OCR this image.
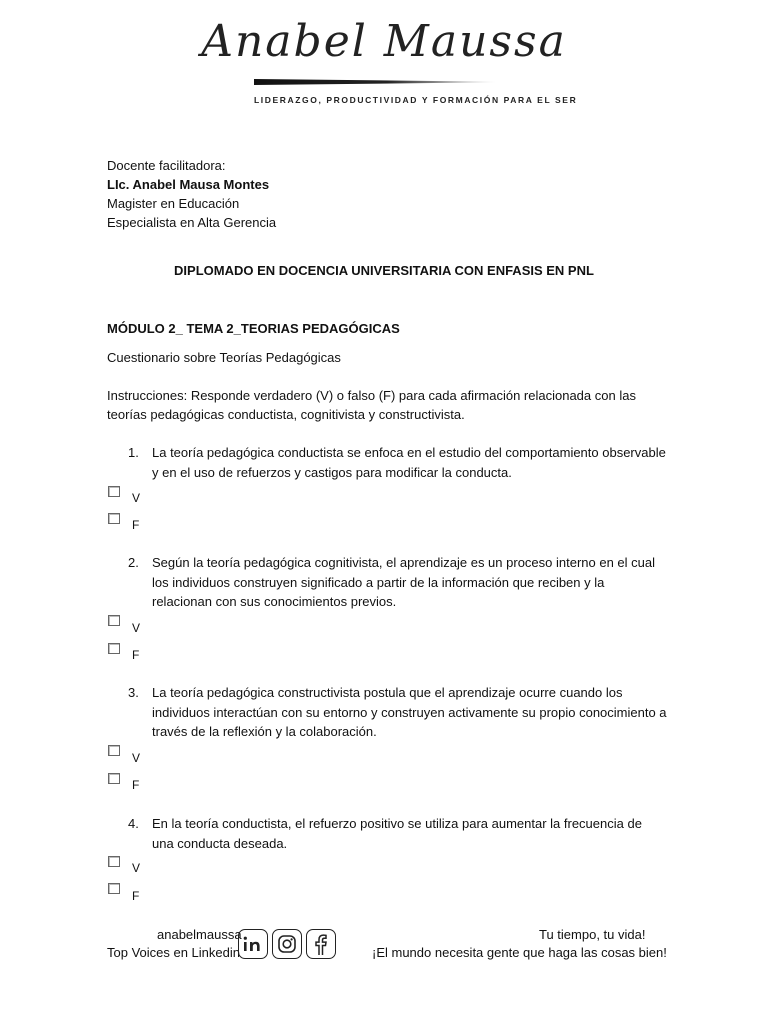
Anabel Maussa
LIDERAZGO, PRODUCTIVIDAD Y FORMACIÓN PARA EL SER
Docente facilitadora:
LIc. Anabel Mausa Montes
Magister en Educación
Especialista en Alta Gerencia
DIPLOMADO EN DOCENCIA UNIVERSITARIA CON ENFASIS EN PNL
MÓDULO 2_ TEMA 2_TEORIAS PEDAGÓGICAS
Cuestionario sobre Teorías Pedagógicas
Instrucciones: Responde verdadero (V) o falso (F) para cada afirmación relacionada con las teorías pedagógicas conductista, cognitivista y constructivista.
1. La teoría pedagógica conductista se enfoca en el estudio del comportamiento observable y en el uso de refuerzos y castigos para modificar la conducta.
V
F
2. Según la teoría pedagógica cognitivista, el aprendizaje es un proceso interno en el cual los individuos construyen significado a partir de la información que reciben y la relacionan con sus conocimientos previos.
V
F
3. La teoría pedagógica constructivista postula que el aprendizaje ocurre cuando los individuos interactúan con su entorno y construyen activamente su propio conocimiento a través de la reflexión y la colaboración.
V
F
4. En la teoría conductista, el refuerzo positivo se utiliza para aumentar la frecuencia de una conducta deseada.
V
F
anabelmaussa
Top Voices en Linkedin
Tu tiempo, tu vida!
¡El mundo necesita gente que haga las cosas bien!
